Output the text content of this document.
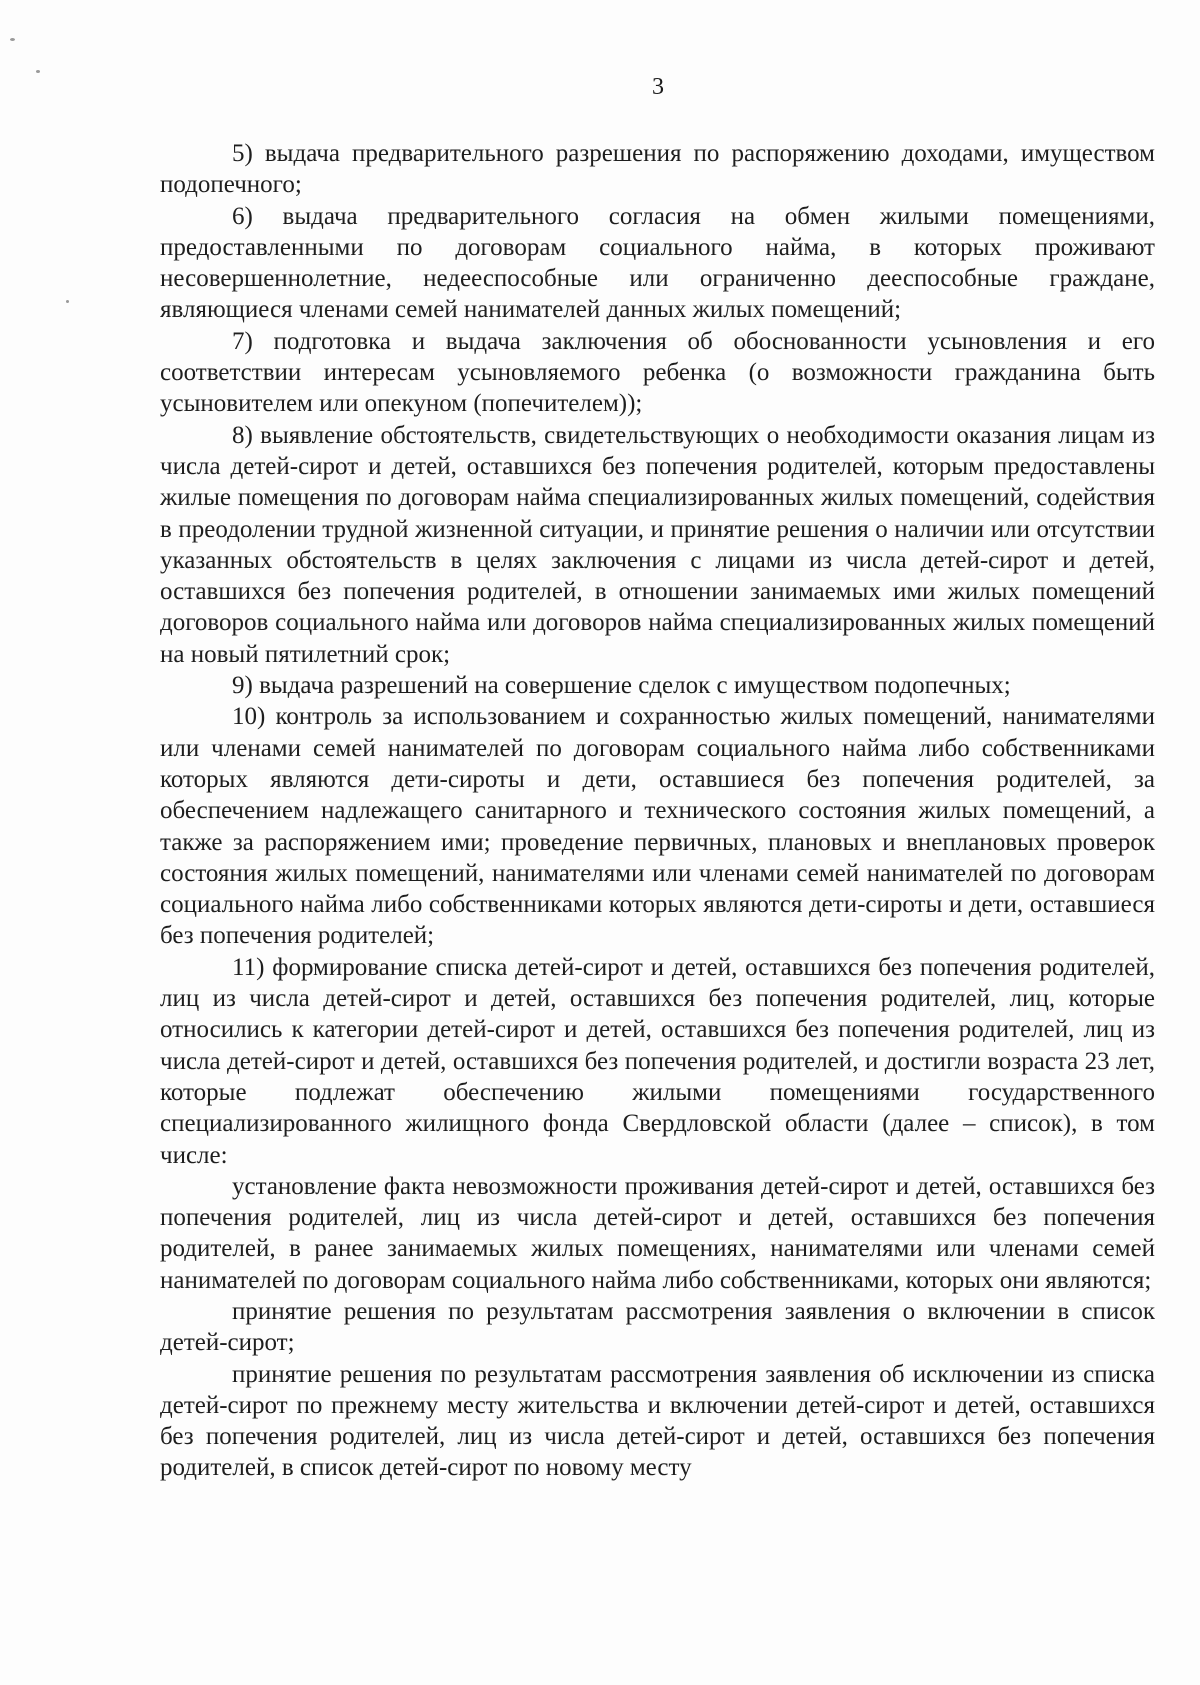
3

5) выдача предварительного разрешения по распоряжению доходами, имуществом подопечного;

6) выдача предварительного согласия на обмен жилыми помещениями, предоставленными по договорам социального найма, в которых проживают несовершеннолетние, недееспособные или ограниченно дееспособные граждане, являющиеся членами семей нанимателей данных жилых помещений;

7) подготовка и выдача заключения об обоснованности усыновления и его соответствии интересам усыновляемого ребенка (о возможности гражданина быть усыновителем или опекуном (попечителем));

8) выявление обстоятельств, свидетельствующих о необходимости оказания лицам из числа детей-сирот и детей, оставшихся без попечения родителей, которым предоставлены жилые помещения по договорам найма специализированных жилых помещений, содействия в преодолении трудной жизненной ситуации, и принятие решения о наличии или отсутствии указанных обстоятельств в целях заключения с лицами из числа детей-сирот и детей, оставшихся без попечения родителей, в отношении занимаемых ими жилых помещений договоров социального найма или договоров найма специализированных жилых помещений на новый пятилетний срок;

9) выдача разрешений на совершение сделок с имуществом подопечных;

10) контроль за использованием и сохранностью жилых помещений, нанимателями или членами семей нанимателей по договорам социального найма либо собственниками которых являются дети-сироты и дети, оставшиеся без попечения родителей, за обеспечением надлежащего санитарного и технического состояния жилых помещений, а также за распоряжением ими; проведение первичных, плановых и внеплановых проверок состояния жилых помещений, нанимателями или членами семей нанимателей по договорам социального найма либо собственниками которых являются дети-сироты и дети, оставшиеся без попечения родителей;

11) формирование списка детей-сирот и детей, оставшихся без попечения родителей, лиц из числа детей-сирот и детей, оставшихся без попечения родителей, лиц, которые относились к категории детей-сирот и детей, оставшихся без попечения родителей, лиц из числа детей-сирот и детей, оставшихся без попечения родителей, и достигли возраста 23 лет, которые подлежат обеспечению жилыми помещениями государственного специализированного жилищного фонда Свердловской области (далее – список), в том числе:

установление факта невозможности проживания детей-сирот и детей, оставшихся без попечения родителей, лиц из числа детей-сирот и детей, оставшихся без попечения родителей, в ранее занимаемых жилых помещениях, нанимателями или членами семей нанимателей по договорам социального найма либо собственниками, которых они являются;

принятие решения по результатам рассмотрения заявления о включении в список детей-сирот;

принятие решения по результатам рассмотрения заявления об исключении из списка детей-сирот по прежнему месту жительства и включении детей-сирот и детей, оставшихся без попечения родителей, лиц из числа детей-сирот и детей, оставшихся без попечения родителей, в список детей-сирот по новому месту
